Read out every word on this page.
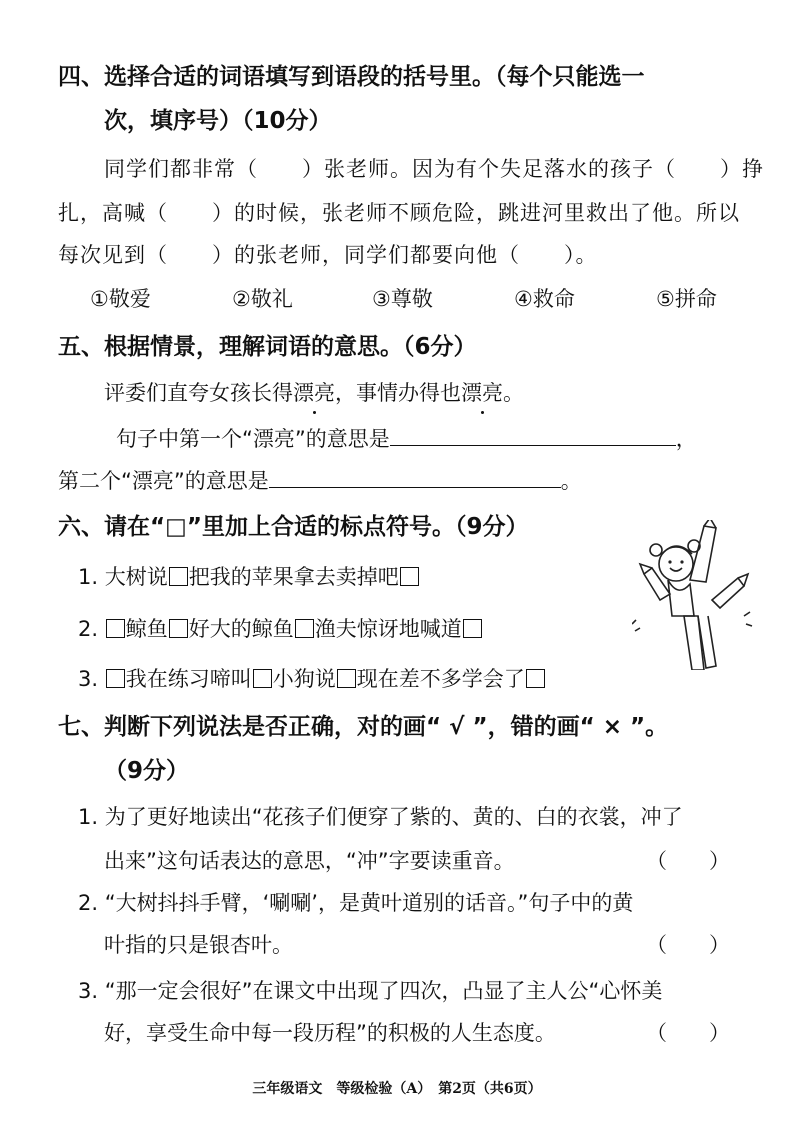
四、选择合适的词语填写到语段的括号里。（每个只能选一
次，填序号）（10分）
同学们都非常（　　）张老师。因为有个失足落水的孩子（　　）挣
扎，高喊（　　）的时候，张老师不顾危险，跳进河里救出了他。所以
每次见到（　　）的张老师，同学们都要向他（　　）。
①敬爱	②敬礼	③尊敬	④救命	⑤拼命
五、根据情景，理解词语的意思。（6分）
评委们直夸女孩长得漂亮，事情办得也漂亮。
句子中第一个“漂亮”的意思是	，
第二个“漂亮”的意思是	。
六、请在“□”里加上合适的标点符号。（9分）
1. 大树说 把我的苹果拿去卖掉吧
2. 鲸鱼 好大的鲸鱼 渔夫惊讶地喊道
3. 我在练习啼叫 小狗说 现在差不多学会了
七、判断下列说法是否正确，对的画“ √ ”，错的画“ × ”。
（9分）
1. 为了更好地读出“花孩子们便穿了紫的、黄的、白的衣裳，冲了
出来”这句话表达的意思，“冲”字要读重音。	（　　）
2. “大树抖抖手臂，‘唰唰’，是黄叶道别的话音。”句子中的黄
叶指的只是银杏叶。	（　　）
3. “那一定会很好”在课文中出现了四次，凸显了主人公“心怀美
好，享受生命中每一段历程”的积极的人生态度。	（　　）
三年级语文　等级检验（A）　第2页（共6页）
